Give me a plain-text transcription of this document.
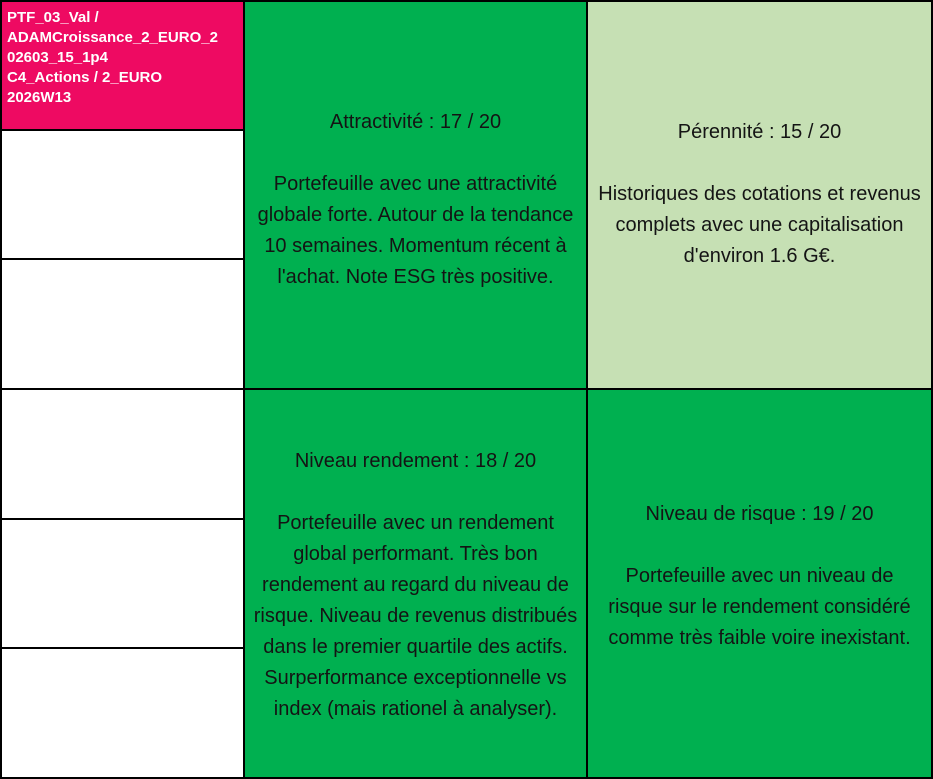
PTF_03_Val /
ADAMCroissance_2_EURO_2
02603_15_1p4
C4_Actions / 2_EURO
2026W13
Attractivité : 17 / 20
Portefeuille avec une attractivité globale forte. Autour de la tendance 10 semaines. Momentum récent à l'achat. Note ESG très positive.
Pérennité : 15 / 20
Historiques des cotations et revenus complets avec une capitalisation d'environ 1.6 G€.
Niveau rendement : 18 / 20
Portefeuille avec un rendement global performant. Très bon rendement au regard du niveau de risque. Niveau de revenus distribués dans le premier quartile des actifs. Surperformance exceptionnelle vs index (mais rationel à analyser).
Niveau de risque : 19 / 20
Portefeuille avec un niveau de risque sur le rendement considéré comme très faible voire inexistant.
